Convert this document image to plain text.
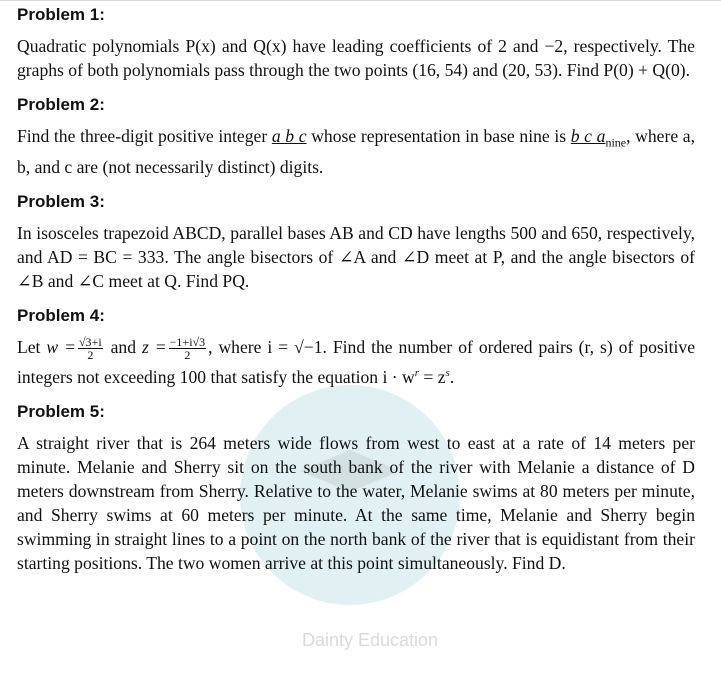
Dainty Education
Problem 1:

Quadratic polynomials P(x) and Q(x) have leading coefficients of 2 and −2, respectively. The graphs of both polynomials pass through the two points (16, 54) and (20, 53). Find P(0) + Q(0).

Problem 2:

Find the three-digit positive integer a b c whose representation in base nine is b c $a_{nine}$, where a, b, and c are (not necessarily distinct) digits.

Problem 3:

In isosceles trapezoid ABCD, parallel bases AB and CD have lengths 500 and 650, respectively, and AD = BC = 333. The angle bisectors of ∠A and ∠D meet at P, and the angle bisectors of ∠B and ∠C meet at Q. Find PQ.

Problem 4:

Let $w = \frac{√3+i}{2}$ and $z = \frac{-1+i√3}{2}$ , where i = √−1. Find the number of ordered pairs (r, s) of positive integers not exceeding 100 that satisfy the equation $i \cdot w^r = z^s$.

Problem 5:

A straight river that is 264 meters wide flows from west to east at a rate of 14 meters per minute. Melanie and Sherry sit on the south bank of the river with Melanie a distance of D meters downstream from Sherry. Relative to the water, Melanie swims at 80 meters per minute, and Sherry swims at 60 meters per minute. At the same time, Melanie and Sherry begin swimming in straight lines to a point on the north bank of the river that is equidistant from their starting positions. The two women arrive at this point simultaneously. Find D.
